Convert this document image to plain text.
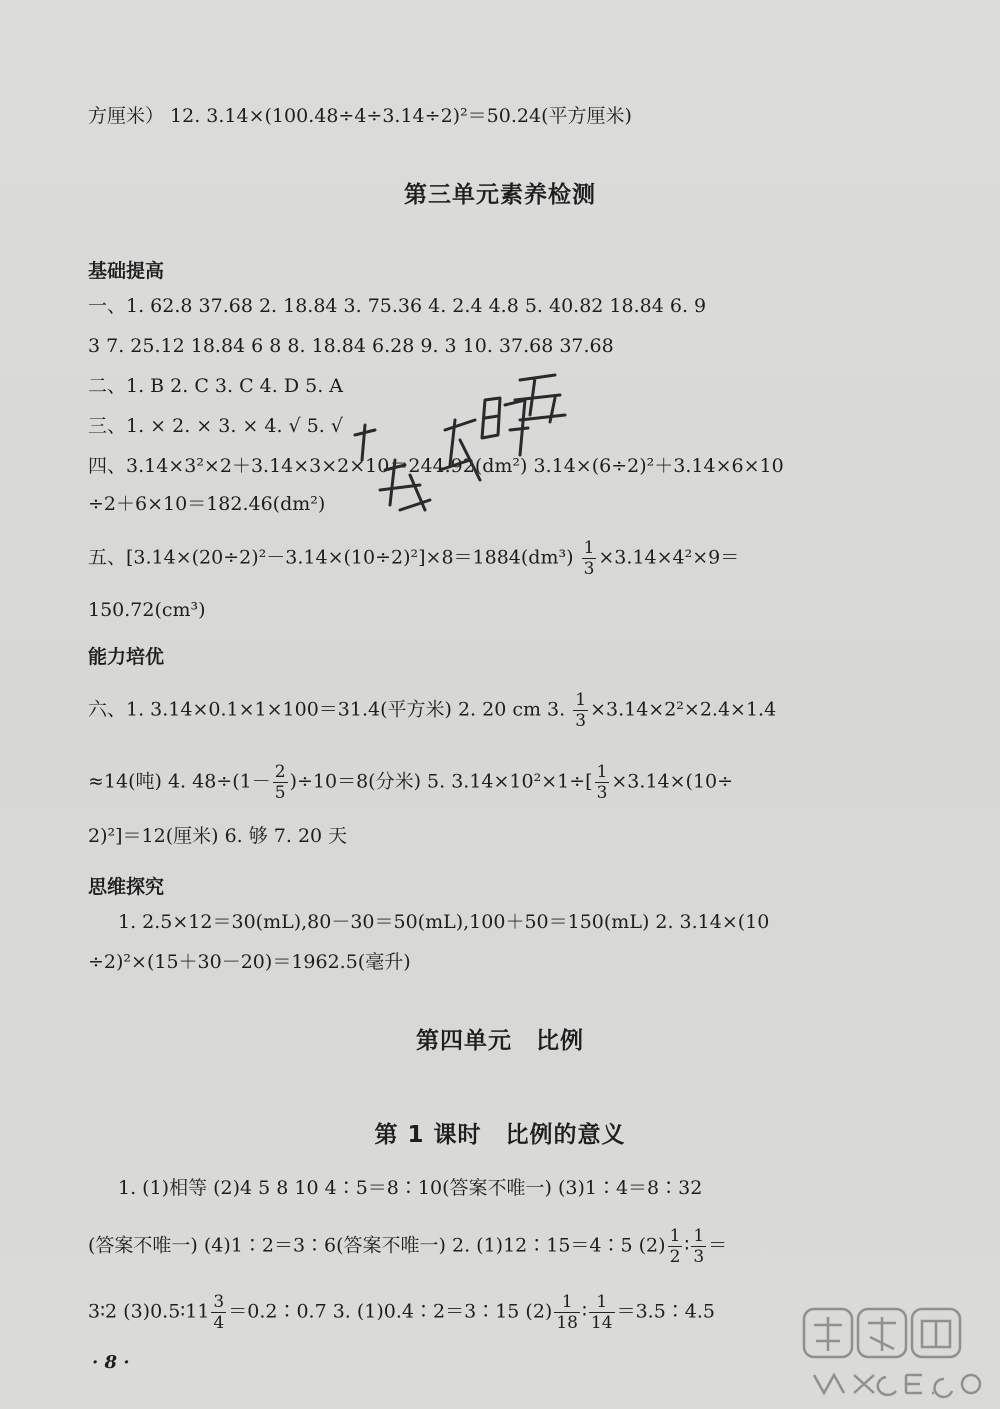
方厘米） 12. 3.14×(100.48÷4÷3.14÷2)²＝50.24(平方厘米)
第三单元素养检测
基础提高
一、1. 62.8 37.68 2. 18.84 3. 75.36 4. 2.4 4.8 5. 40.82 18.84 6. 9
3 7. 25.12 18.84 6 8 8. 18.84 6.28 9. 3 10. 37.68 37.68
二、1. B 2. C 3. C 4. D 5. A
三、1. × 2. × 3. × 4. √ 5. √
四、3.14×3²×2＋3.14×3×2×10＝244.92(dm²) 3.14×(6÷2)²＋3.14×6×10
÷2＋6×10＝182.46(dm²)
五、$[3.14\times(20\div 2)^2-3.14\times(10\div 2)^2]\times 8=1884(dm^3) \frac{1}{3} \times 3.14\times 4^2\times 9=$
150.72(cm³)
能力培优
六、1. 3.14×0.1×1×100＝31.4(平方米) 2. 20 cm 3. $\frac{1}{3} \times 3.14\times 2^2\times 2.4\times 1.4$
≈14(吨) 4. $48\div(1- \frac{2}{5} )\div 10=8$(分米) 5. $3.14\times 10^2\times 1\div[ \frac{1}{3} \times 3.14\times(10\div$
2)²]＝12(厘米) 6. 够 7. 20 天
思维探究
1. 2.5×12＝30(mL),80－30＝50(mL),100＋50＝150(mL) 2. 3.14×(10
÷2)²×(15＋30－20)＝1962.5(毫升)
第四单元　比例
第 1 课时　比例的意义
1. (1)相等 (2)4 5 8 10 4∶5＝8∶10(答案不唯一) (3)1∶4＝8∶32
(答案不唯一) (4)1∶2＝3∶6(答案不唯一) 2. (1)12∶15＝4∶5 $(2) \frac{1}{2}$ ∶ $\frac{1}{3}$ ＝
3∶2 (3)0.5∶11 $\frac{3}{4}$ ＝0.2∶0.7 3. (1)0.4∶2＝3∶15 $(2) \frac{1}{18}$ ∶ $\frac{1}{14}$ ＝3.5∶4.5
· 8 ·
